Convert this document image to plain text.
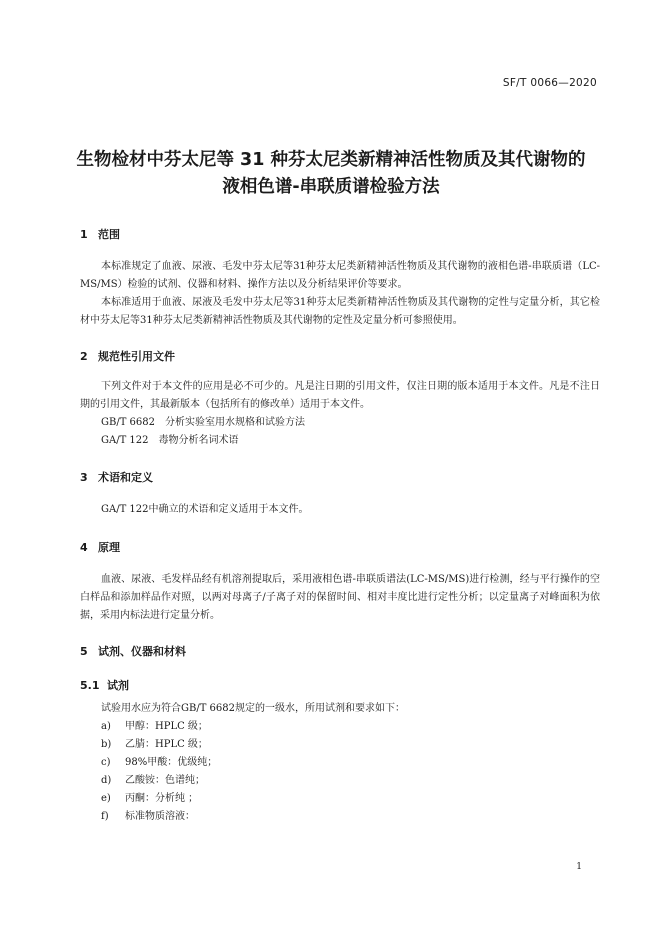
SF/T 0066—2020
生物检材中芬太尼等 31 种芬太尼类新精神活性物质及其代谢物的
液相色谱-串联质谱检验方法
1 范围
本标准规定了血液、尿液、毛发中芬太尼等31种芬太尼类新精神活性物质及其代谢物的液相色谱-串联质谱（LC-MS/MS）检验的试剂、仪器和材料、操作方法以及分析结果评价等要求。
本标准适用于血液、尿液及毛发中芬太尼等31种芬太尼类新精神活性物质及其代谢物的定性与定量分析，其它检材中芬太尼等31种芬太尼类新精神活性物质及其代谢物的定性及定量分析可参照使用。
2 规范性引用文件
下列文件对于本文件的应用是必不可少的。凡是注日期的引用文件，仅注日期的版本适用于本文件。凡是不注日期的引用文件，其最新版本（包括所有的修改单）适用于本文件。
GB/T 6682　分析实验室用水规格和试验方法
GA/T 122　毒物分析名词术语
3 术语和定义
GA/T 122中确立的术语和定义适用于本文件。
4 原理
血液、尿液、毛发样品经有机溶剂提取后，采用液相色谱-串联质谱法(LC-MS/MS)进行检测，经与平行操作的空白样品和添加样品作对照，以两对母离子/子离子对的保留时间、相对丰度比进行定性分析；以定量离子对峰面积为依据，采用内标法进行定量分析。
5 试剂、仪器和材料
5.1 试剂
试验用水应为符合GB/T 6682规定的一级水，所用试剂和要求如下：
a) 甲醇：HPLC 级；
b) 乙腈：HPLC 级；
c) 98%甲酸：优级纯；
d) 乙酸铵：色谱纯；
e) 丙酮：分析纯 ；
f) 标准物质溶液：
1
